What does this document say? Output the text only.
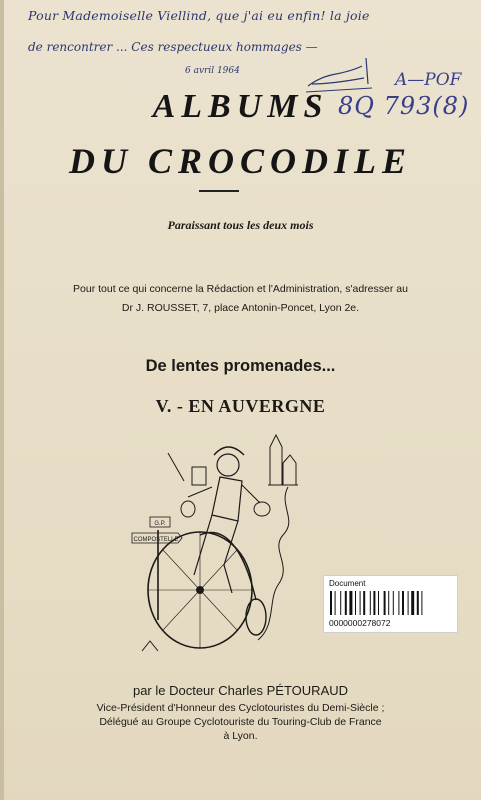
Pour Mademoiselle Viellind, que j'ai eu enfin! la joie
de rencontrer ... Ces respectueux hommages —
6 avril 1964	A—POF
8Q 793(8)
ALBUMS
DU CROCODILE
Paraissant tous les deux mois
Pour tout ce qui concerne la Rédaction et l'Administration, s'adresser au
Dr J. ROUSSET, 7, place Antonin-Poncet, Lyon 2e.
De lentes promenades...
V. - EN AUVERGNE
G.P.
COMPOSTELLE
Document
0000000278072
par le Docteur Charles PÉTOURAUD
Vice-Président d'Honneur des Cyclotouristes du Demi-Siècle ;
Délégué au Groupe Cyclotouriste du Touring-Club de France
à Lyon.
